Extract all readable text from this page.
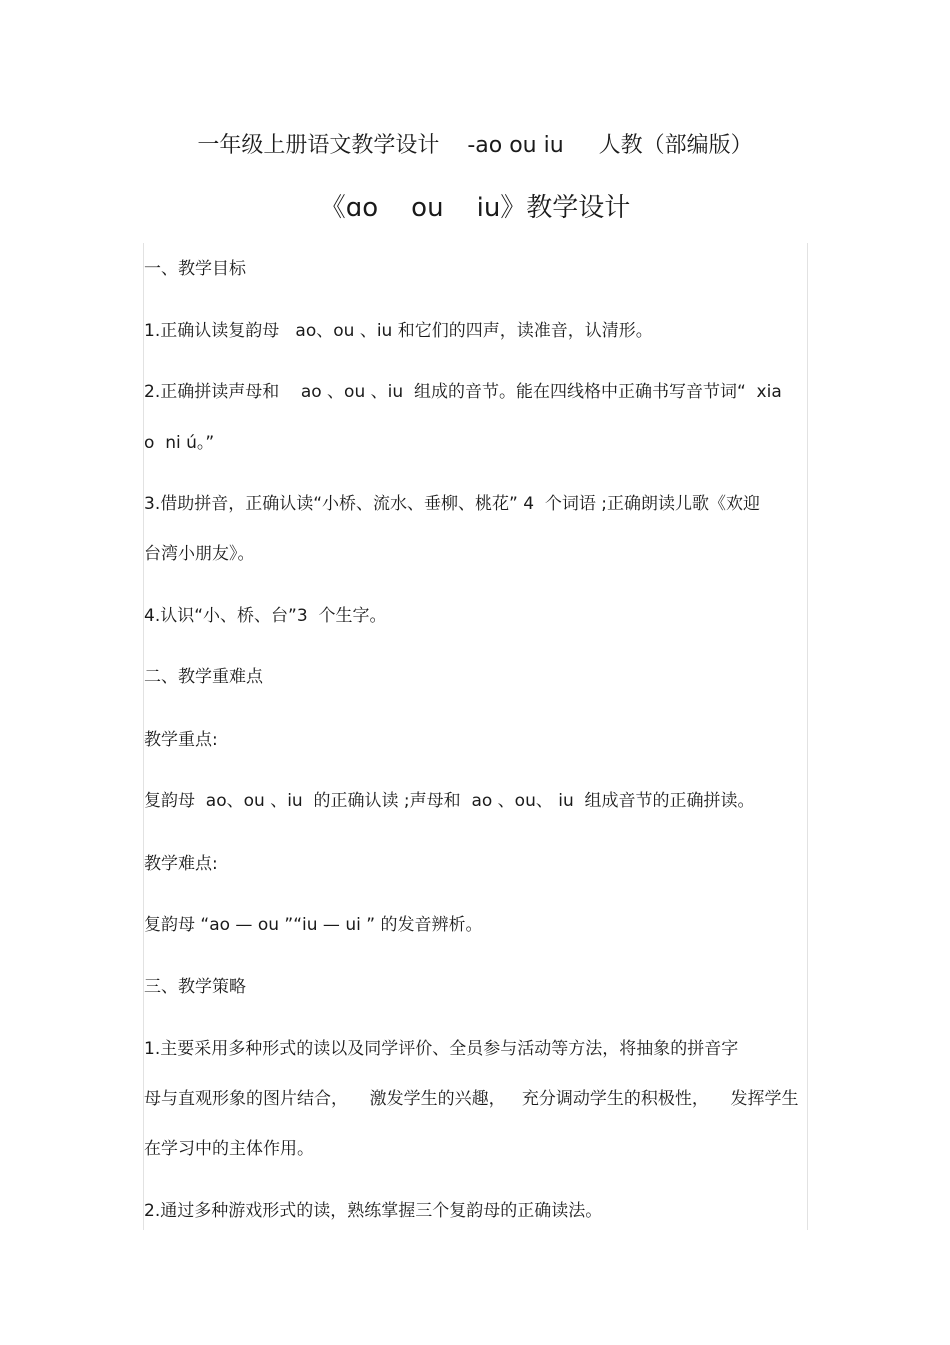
一年级上册语文教学设计    -ao ou iu     人教（部编版）
《ɑo    ou    iu》教学设计
一、教学目标
1.正确认读复韵母   ao、ou 、iu 和它们的四声，读准音，认清形。
2.正确拼读声母和    ao 、ou 、iu  组成的音节。能在四线格中正确书写音节词“  xia
o  ni ú。”
3.借助拼音，正确认读“小桥、流水、垂柳、桃花” 4  个词语 ;正确朗读儿歌《欢迎
台湾小朋友》。
4.认识“小、桥、台”3  个生字。
二、教学重难点
教学重点:
复韵母  ao、ou 、iu  的正确认读 ;声母和  ao 、ou、 iu  组成音节的正确拼读。
教学难点:
复韵母 “ao — ou ”“iu — ui ” 的发音辨析。
三、教学策略
1.主要采用多种形式的读以及同学评价、全员参与活动等方法，将抽象的拼音字
母与直观形象的图片结合，    激发学生的兴趣，   充分调动学生的积极性，    发挥学生
在学习中的主体作用。
2.通过多种游戏形式的读，熟练掌握三个复韵母的正确读法。
